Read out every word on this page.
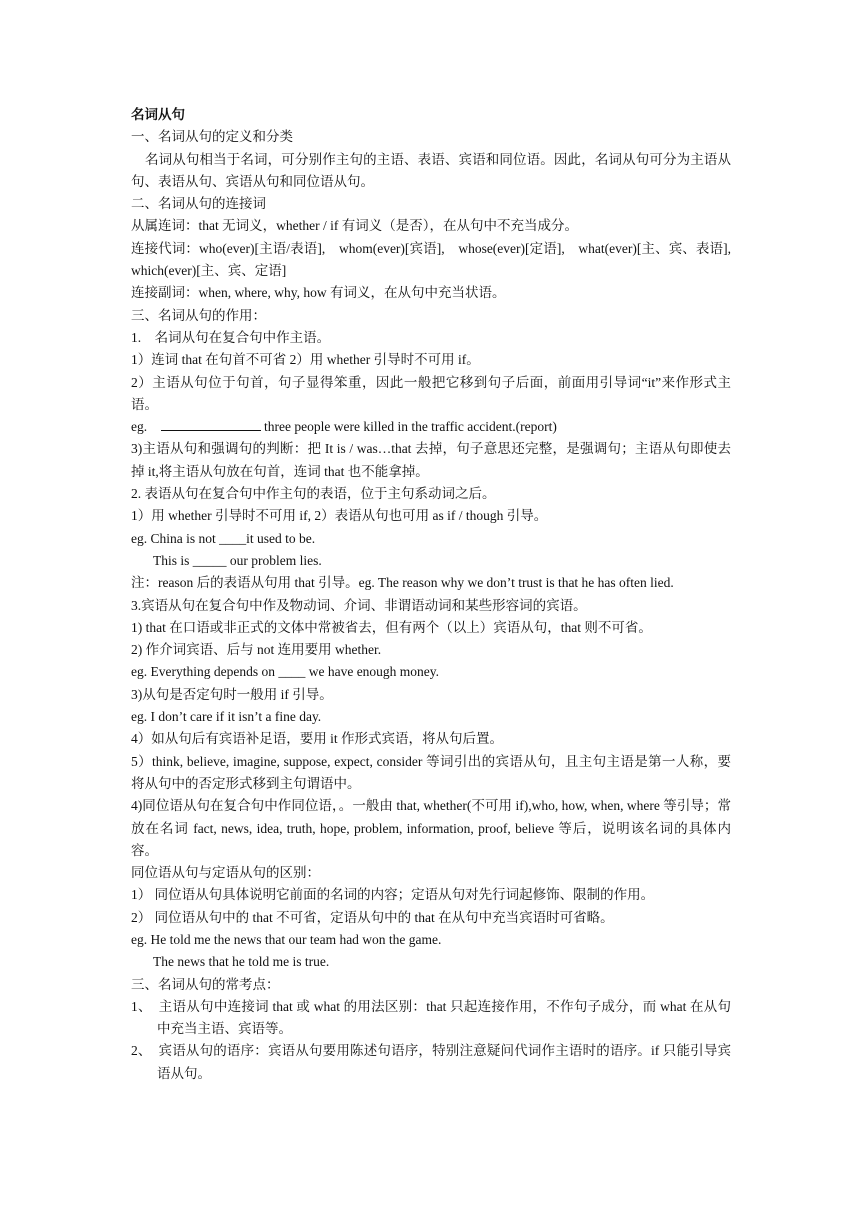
名词从句
一、名词从句的定义和分类
名词从句相当于名词，可分别作主句的主语、表语、宾语和同位语。因此，名词从句可分为主语从句、表语从句、宾语从句和同位语从句。
二、名词从句的连接词
从属连词：that 无词义，whether / if 有词义（是否），在从句中不充当成分。
连接代词：who(ever)[主语/表语],　whom(ever)[宾语],　whose(ever)[定语],　what(ever)[主、宾、表语],　which(ever)[主、宾、定语]
连接副词：when, where, why, how 有词义，在从句中充当状语。
三、名词从句的作用：
1.　名词从句在复合句中作主语。
1）连词 that 在句首不可省 2）用 whether 引导时不可用 if。
2）主语从句位于句首，句子显得笨重，因此一般把它移到句子后面，前面用引导词“it”来作形式主语。
eg.	three people were killed in the traffic accident.(report)
3)主语从句和强调句的判断：把 It is / was…that 去掉，句子意思还完整，是强调句；主语从句即使去掉 it,将主语从句放在句首，连词 that 也不能拿掉。
2. 表语从句在复合句中作主句的表语，位于主句系动词之后。
1）用 whether 引导时不可用 if, 2）表语从句也可用 as if / though 引导。
eg. China is not ____it used to be.
This is _____ our problem lies.
注：reason 后的表语从句用 that 引导。eg. The reason why we don’t trust is that he has often lied.
3.宾语从句在复合句中作及物动词、介词、非谓语动词和某些形容词的宾语。
1) that 在口语或非正式的文体中常被省去，但有两个（以上）宾语从句，that 则不可省。
2) 作介词宾语、后与 not 连用要用 whether.
eg. Everything depends on ____ we have enough money.
3)从句是否定句时一般用 if 引导。
eg. I don’t care if it isn’t a fine day.
4）如从句后有宾语补足语，要用 it 作形式宾语，将从句后置。
5）think, believe, imagine, suppose, expect, consider 等词引出的宾语从句，且主句主语是第一人称，要将从句中的否定形式移到主句谓语中。
4)同位语从句在复合句中作同位语，。一般由 that, whether(不可用 if),who, how, when, where 等引导；常放在名词 fact, news, idea, truth, hope, problem, information, proof, believe 等后，说明该名词的具体内容。
同位语从句与定语从句的区别：
1） 同位语从句具体说明它前面的名词的内容；定语从句对先行词起修饰、限制的作用。
2） 同位语从句中的 that 不可省，定语从句中的 that 在从句中充当宾语时可省略。
eg. He told me the news that our team had won the game.
The news that he told me is true.
三、名词从句的常考点：
1、　主语从句中连接词 that 或 what 的用法区别：that 只起连接作用，不作句子成分，而 what 在从句中充当主语、宾语等。
2、　宾语从句的语序：宾语从句要用陈述句语序，特别注意疑问代词作主语时的语序。if 只能引导宾语从句。
